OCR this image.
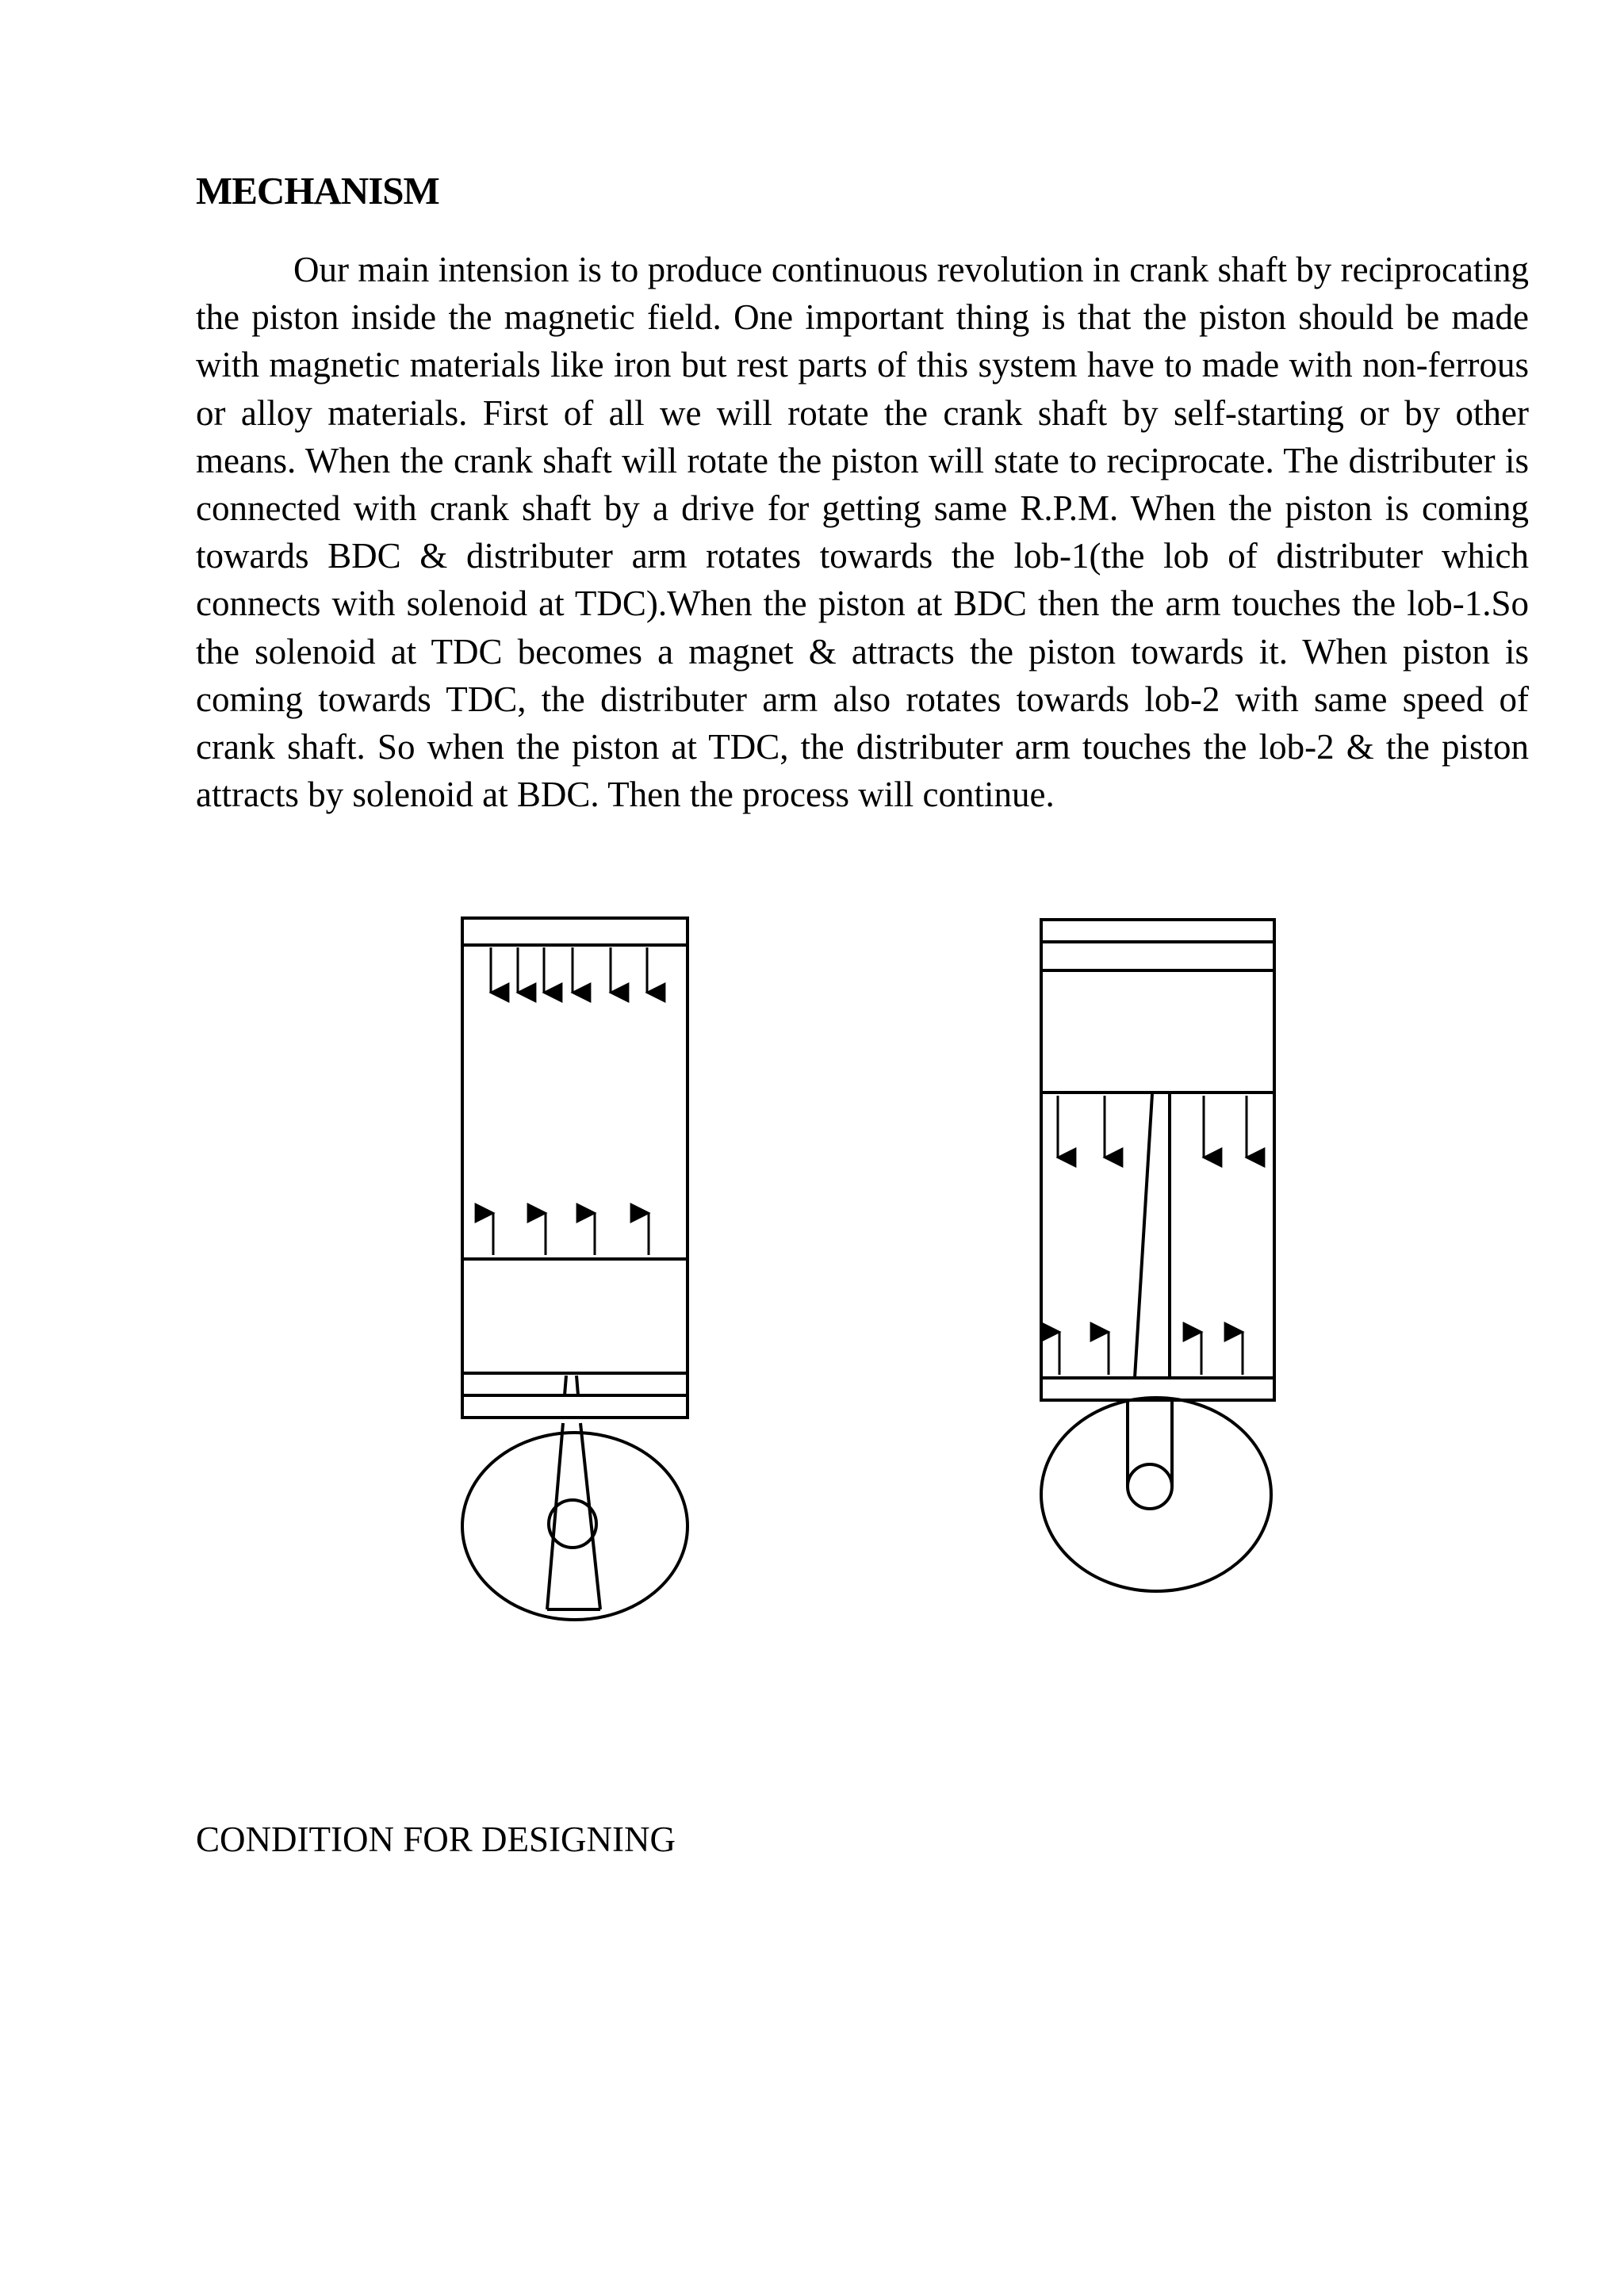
MECHANISM

Our main intension is to produce continuous revolution in crank shaft by reciprocating the piston inside the magnetic field. One important thing is that the piston should be made with magnetic materials like iron but rest parts of this system have to made with non-ferrous or alloy materials. First of all we will rotate the crank shaft by self-starting or by other means. When the crank shaft will rotate the piston will state to reciprocate. The distributer is connected with crank shaft by a drive for getting same R.P.M. When the piston is coming towards BDC & distributer arm rotates towards the lob-1(the lob of distributer which connects with solenoid at TDC).When the piston at BDC then the arm touches the lob-1.So the solenoid at TDC becomes a magnet & attracts the piston towards it. When piston is coming towards TDC, the distributer arm also rotates towards lob-2 with same speed of crank shaft. So when the piston at TDC, the distributer arm touches the lob-2 & the piston attracts by solenoid at BDC. Then the process will continue.

CONDITION FOR DESIGNING
